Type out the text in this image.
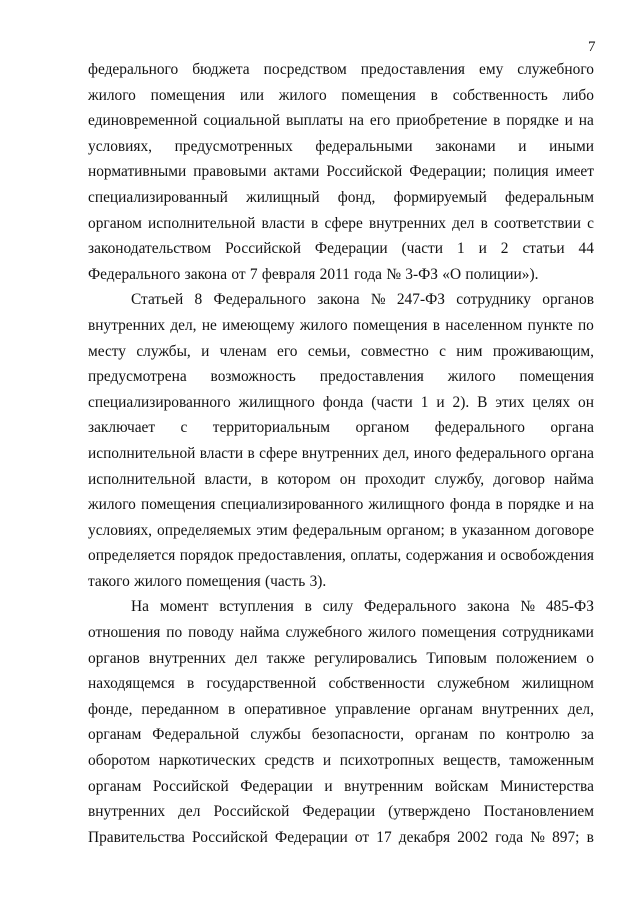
7
федерального бюджета посредством предоставления ему служебного
жилого помещения или жилого помещения в собственность либо
единовременной социальной выплаты на его приобретение в порядке и на
условиях, предусмотренных федеральными законами и иными
нормативными правовыми актами Российской Федерации; полиция имеет
специализированный жилищный фонд, формируемый федеральным
органом исполнительной власти в сфере внутренних дел в соответствии с
законодательством Российской Федерации (части 1 и 2 статьи 44
Федерального закона от 7 февраля 2011 года № 3-ФЗ «О полиции»).
Статьей 8 Федерального закона № 247-ФЗ сотруднику органов
внутренних дел, не имеющему жилого помещения в населенном пункте по
месту службы, и членам его семьи, совместно с ним проживающим,
предусмотрена возможность предоставления жилого помещения
специализированного жилищного фонда (части 1 и 2). В этих целях он
заключает с территориальным органом федерального органа
исполнительной власти в сфере внутренних дел, иного федерального органа
исполнительной власти, в котором он проходит службу, договор найма
жилого помещения специализированного жилищного фонда в порядке и на
условиях, определяемых этим федеральным органом; в указанном договоре
определяется порядок предоставления, оплаты, содержания и освобождения
такого жилого помещения (часть 3).
На момент вступления в силу Федерального закона № 485-ФЗ
отношения по поводу найма служебного жилого помещения сотрудниками
органов внутренних дел также регулировались Типовым положением о
находящемся в государственной собственности служебном жилищном
фонде, переданном в оперативное управление органам внутренних дел,
органам Федеральной службы безопасности, органам по контролю за
оборотом наркотических средств и психотропных веществ, таможенным
органам Российской Федерации и внутренним войскам Министерства
внутренних дел Российской Федерации (утверждено Постановлением
Правительства Российской Федерации от 17 декабря 2002 года № 897; в
